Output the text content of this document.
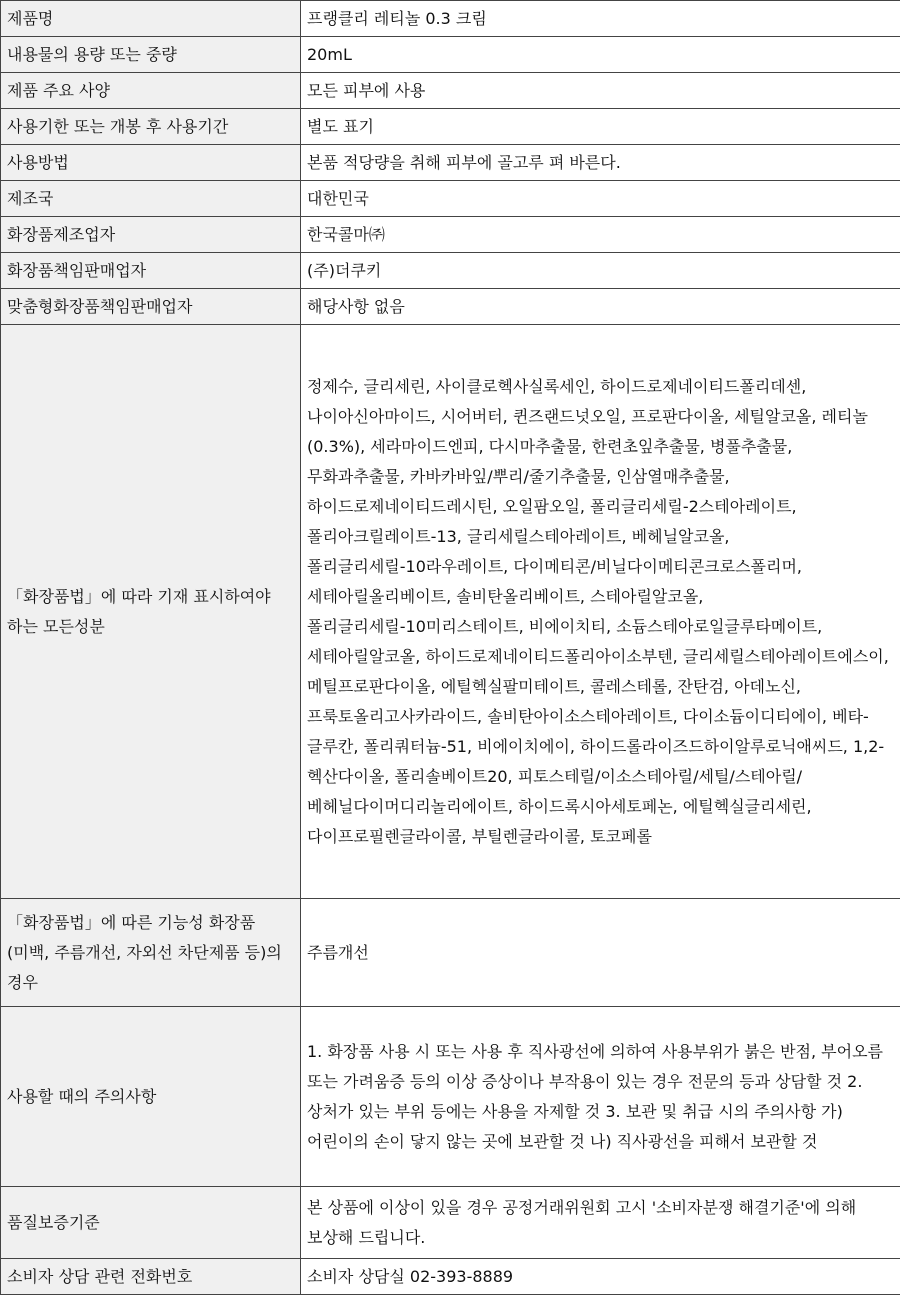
제품명	프랭클리 레티놀 0.3 크림
내용물의 용량 또는 중량	20mL
제품 주요 사양	모든 피부에 사용
사용기한 또는 개봉 후 사용기간	별도 표기
사용방법	본품 적당량을 취해 피부에 골고루 펴 바른다.
제조국	대한민국
화장품제조업자	한국콜마㈜
화장품책임판매업자	(주)더쿠키
맞춤형화장품책임판매업자	해당사항 없음
「화장품법」에 따라 기재 표시하여야 하는 모든성분	정제수, 글리세린, 사이클로헥사실록세인, 하이드로제네이티드폴리데센, 나이아신아마이드, 시어버터, 퀸즈랜드넛오일, 프로판다이올, 세틸알코올, 레티놀(0.3%), 세라마이드엔피, 다시마추출물, 한련초잎추출물, 병풀추출물, 무화과추출물, 카바카바잎/뿌리/줄기추출물, 인삼열매추출물, 하이드로제네이티드레시틴, 오일팜오일, 폴리글리세릴-2스테아레이트, 폴리아크릴레이트-13, 글리세릴스테아레이트, 베헤닐알코올, 폴리글리세릴-10라우레이트, 다이메티콘/비닐다이메티콘크로스폴리머, 세테아릴올리베이트, 솔비탄올리베이트, 스테아릴알코올, 폴리글리세릴-10미리스테이트, 비에이치티, 소듐스테아로일글루타메이트, 세테아릴알코올, 하이드로제네이티드폴리아이소부텐, 글리세릴스테아레이트에스이, 메틸프로판다이올, 에틸헥실팔미테이트, 콜레스테롤, 잔탄검, 아데노신, 프룩토올리고사카라이드, 솔비탄아이소스테아레이트, 다이소듐이디티에이, 베타-글루칸, 폴리쿼터늄-51, 비에이치에이, 하이드롤라이즈드하이알루로닉애씨드, 1,2-헥산다이올, 폴리솔베이트20, 피토스테릴/이소스테아릴/세틸/스테아릴/베헤닐다이머디리놀리에이트, 하이드록시아세토페논, 에틸헥실글리세린, 다이프로필렌글라이콜, 부틸렌글라이콜, 토코페롤
「화장품법」에 따른 기능성 화장품(미백, 주름개선, 자외선 차단제품 등)의 경우	주름개선
사용할 때의 주의사항	1. 화장품 사용 시 또는 사용 후 직사광선에 의하여 사용부위가 붉은 반점, 부어오름 또는 가려움증 등의 이상 증상이나 부작용이 있는 경우 전문의 등과 상담할 것 2. 상처가 있는 부위 등에는 사용을 자제할 것 3. 보관 및 취급 시의 주의사항 가) 어린이의 손이 닿지 않는 곳에 보관할 것 나) 직사광선을 피해서 보관할 것
품질보증기준	본 상품에 이상이 있을 경우 공정거래위원회 고시 '소비자분쟁 해결기준'에 의해 보상해 드립니다.
소비자 상담 관련 전화번호	소비자 상담실 02-393-8889
